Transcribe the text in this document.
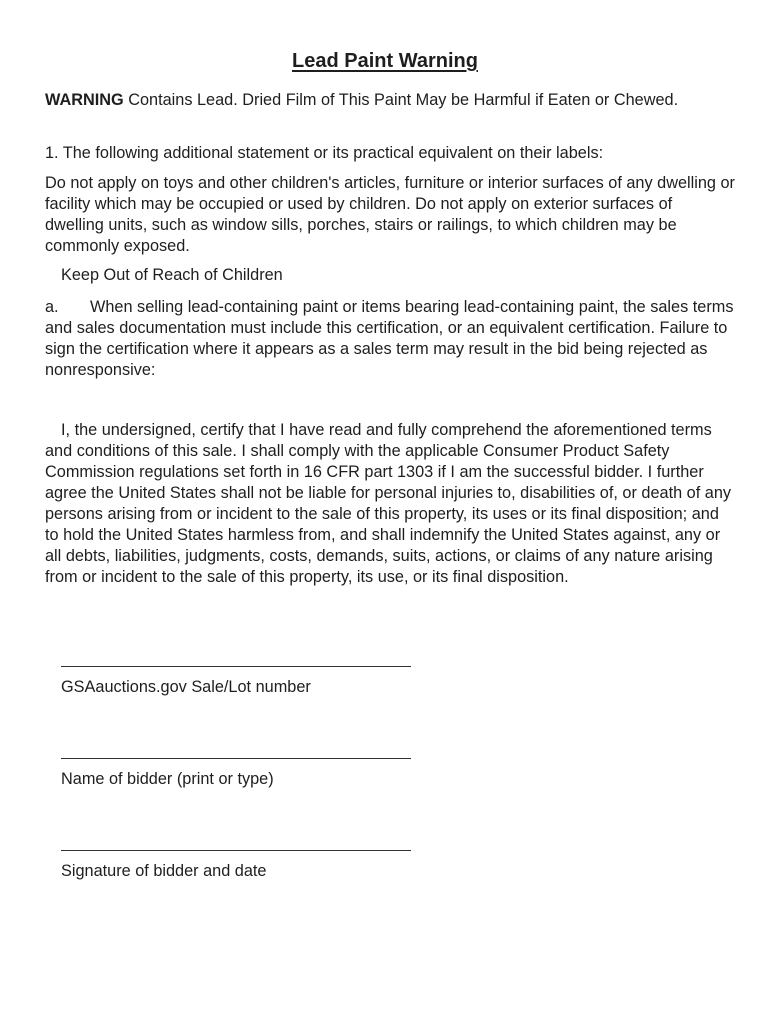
Lead Paint Warning

WARNING Contains Lead. Dried Film of This Paint May be Harmful if Eaten or Chewed.

1. The following additional statement or its practical equivalent on their labels:

Do not apply on toys and other children's articles, furniture or interior surfaces of any dwelling or facility which may be occupied or used by children. Do not apply on exterior surfaces of dwelling units, such as window sills, porches, stairs or railings, to which children may be commonly exposed.

Keep Out of Reach of Children

a. When selling lead-containing paint or items bearing lead-containing paint, the sales terms and sales documentation must include this certification, or an equivalent certification. Failure to sign the certification where it appears as a sales term may result in the bid being rejected as nonresponsive:

I, the undersigned, certify that I have read and fully comprehend the aforementioned terms and conditions of this sale. I shall comply with the applicable Consumer Product Safety Commission regulations set forth in 16 CFR part 1303 if I am the successful bidder. I further agree the United States shall not be liable for personal injuries to, disabilities of, or death of any persons arising from or incident to the sale of this property, its uses or its final disposition; and to hold the United States harmless from, and shall indemnify the United States against, any or all debts, liabilities, judgments, costs, demands, suits, actions, or claims of any nature arising from or incident to the sale of this property, its use, or its final disposition.

GSAauctions.gov Sale/Lot number
Name of bidder (print or type)
Signature of bidder and date
